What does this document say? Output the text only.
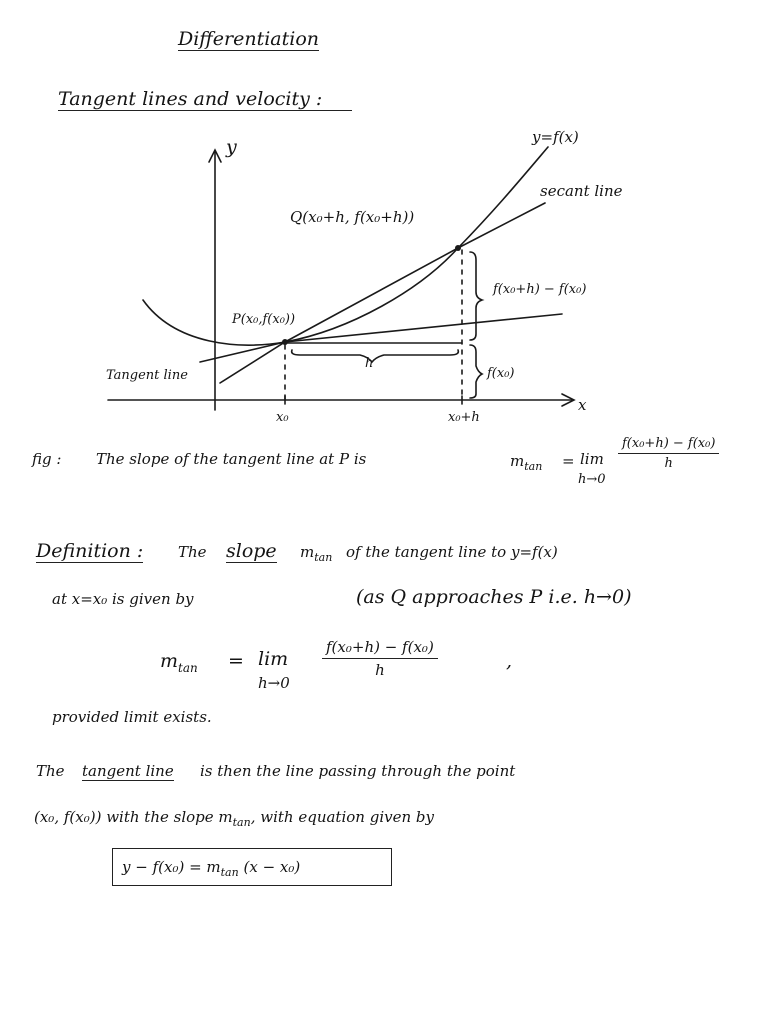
Differentiation
Tangent lines and velocity :
y
x
y=f(x)
secant line
Q(x₀+h, f(x₀+h))
P(x₀,f(x₀))
f(x₀+h) − f(x₀)
f(x₀)
h
Tangent line
x₀	x₀+h
fig : The slope of the tangent line at P is	$m_{tan} = \lim$
h→0
$\frac{\text{f(x₀+h) − f(x₀)}}{h}$
Definition : The slope $m_{tan}$ of the tangent line to y=f(x)
at x=x₀ is given by	(as Q approaches P i.e. h→0)
$m_{tan} = \lim$
h→0
$\frac{\text{f(x₀+h) − f(x₀)}}{h}$	,
provided limit exists.
The tangent line is then the line passing through the point
(x₀, f(x₀)) with the slope $m_{tan}$, with equation given by
$y - f(x_0) = m_{tan}$ (x − x₀)
